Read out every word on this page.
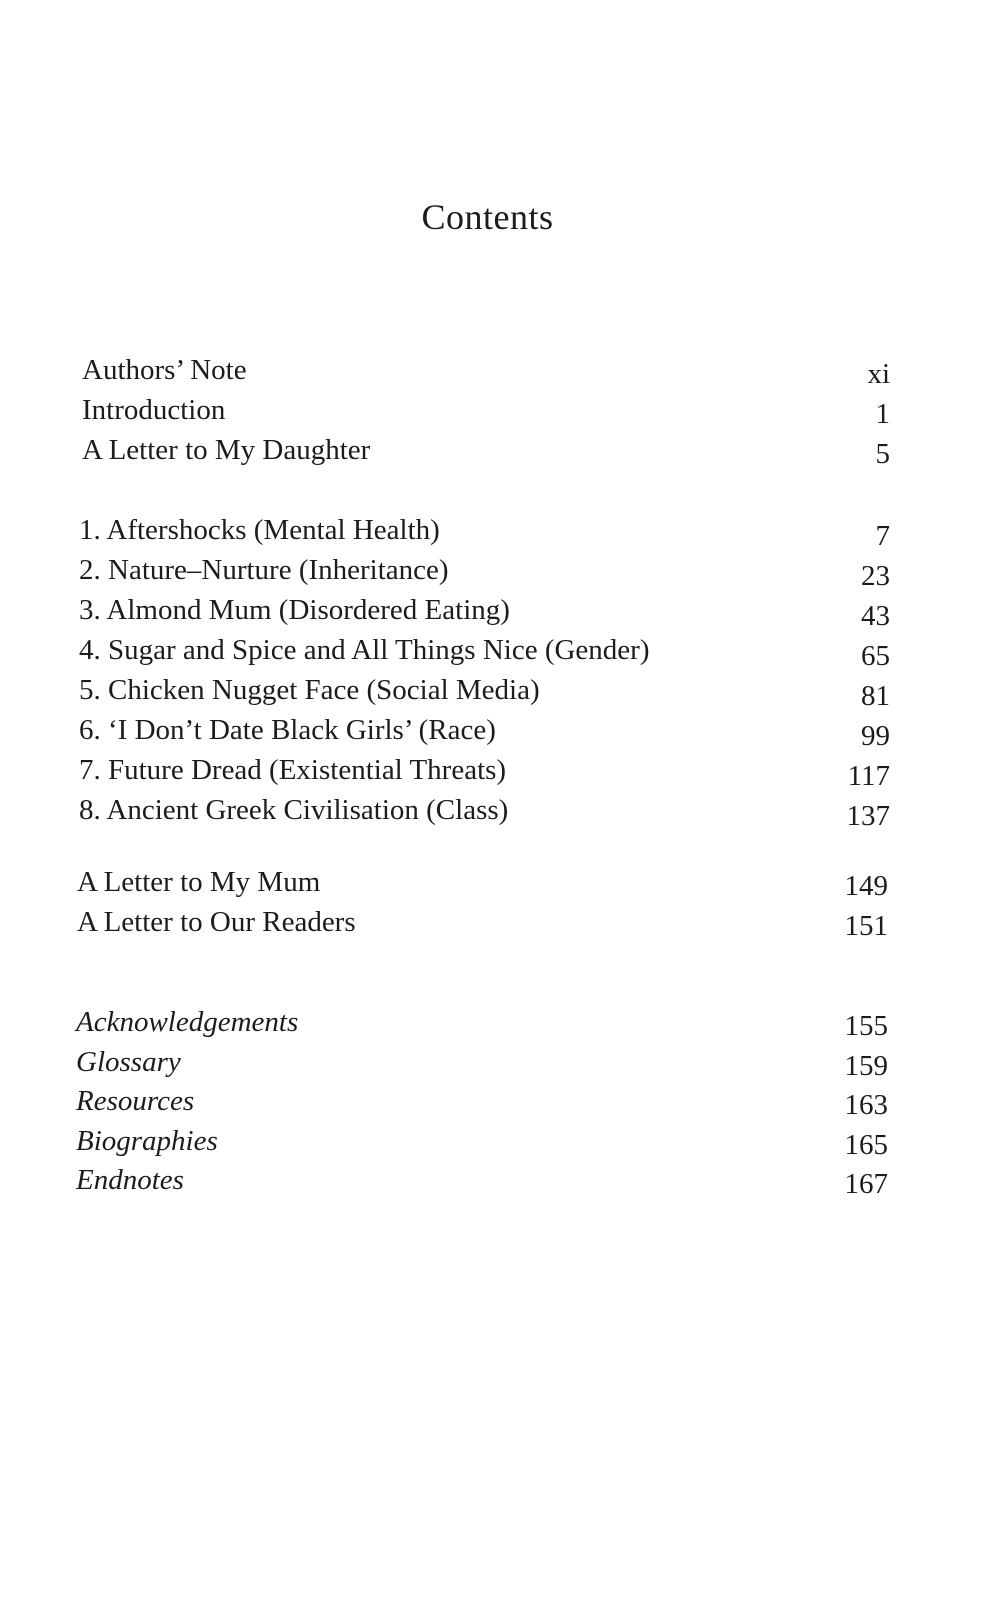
Contents
Authors’ Note	xi
Introduction	1
A Letter to My Daughter	5
1. Aftershocks (Mental Health)	7
2. Nature–Nurture (Inheritance)	23
3. Almond Mum (Disordered Eating)	43
4. Sugar and Spice and All Things Nice (Gender)	65
5. Chicken Nugget Face (Social Media)	81
6. ‘I Don’t Date Black Girls’ (Race)	99
7. Future Dread (Existential Threats)	117
8. Ancient Greek Civilisation (Class)	137
A Letter to My Mum	149
A Letter to Our Readers	151
Acknowledgements	155
Glossary	159
Resources	163
Biographies	165
Endnotes	167
